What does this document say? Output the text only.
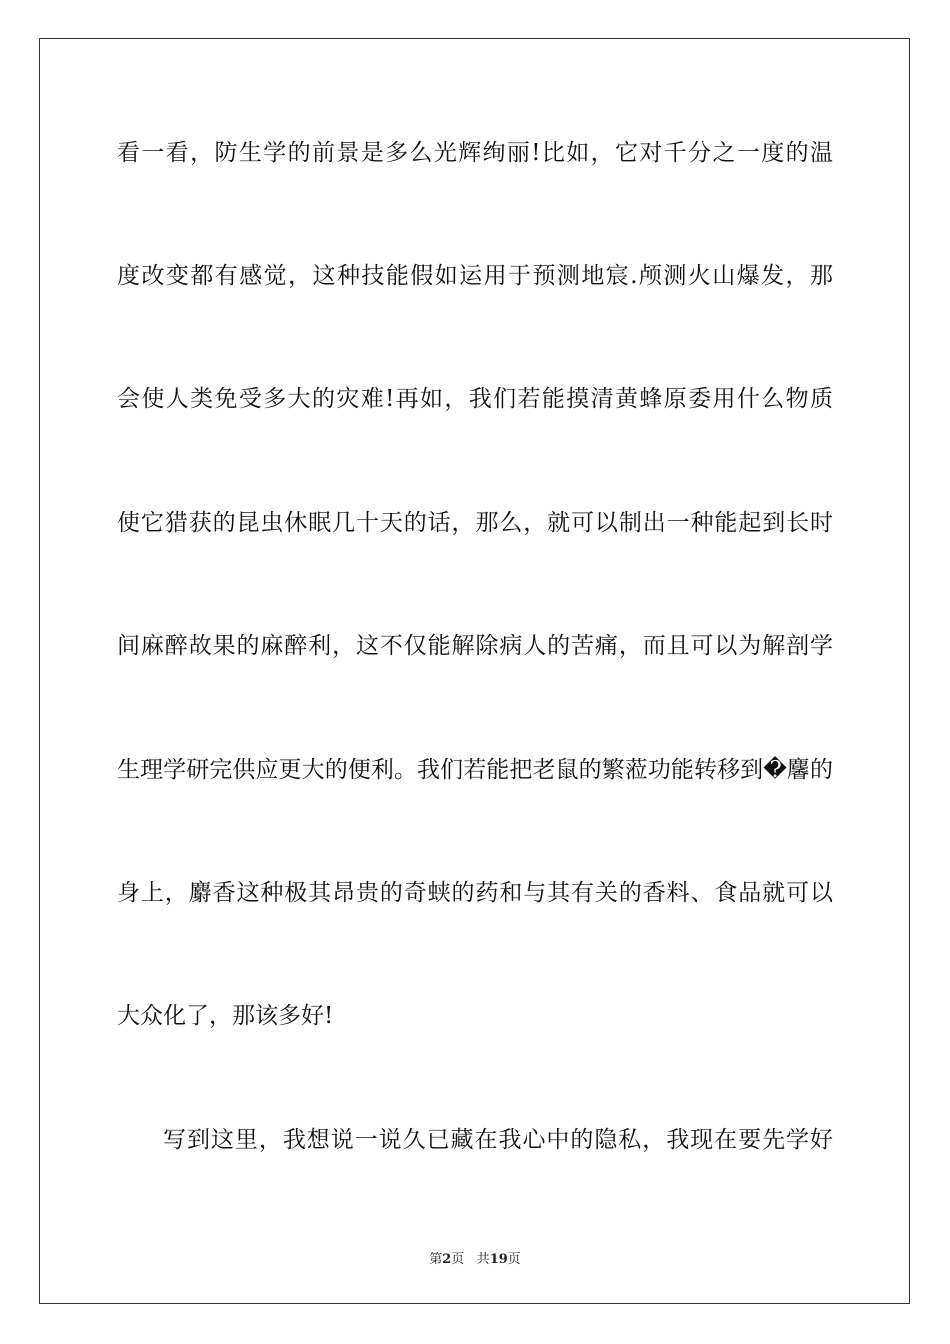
看一看，防生学的前景是多么光辉绚丽!比如，它对千分之一度的温
度改变都有感觉，这种技能假如运用于预测地宸.颅测火山爆发，那
会使人类免受多大的灾难!再如，我们若能摸清黄蜂原委用什么物质
使它猎获的昆虫休眠几十天的话，那么，就可以制出一种能起到长时
间麻醉故果的麻醉利，这不仅能解除病人的苦痛，而且可以为解剖学
生理学研完供应更大的便利。我们若能把老鼠的繁蒞功能转移到�麘的
身上，麝香这种极其昂贵的奇蛱的药和与其有关的香料、食品就可以
大众化了，那该多好!
写到这里，我想说一说久已藏在我心中的隐私，我现在要先学好
第2页 共19页
